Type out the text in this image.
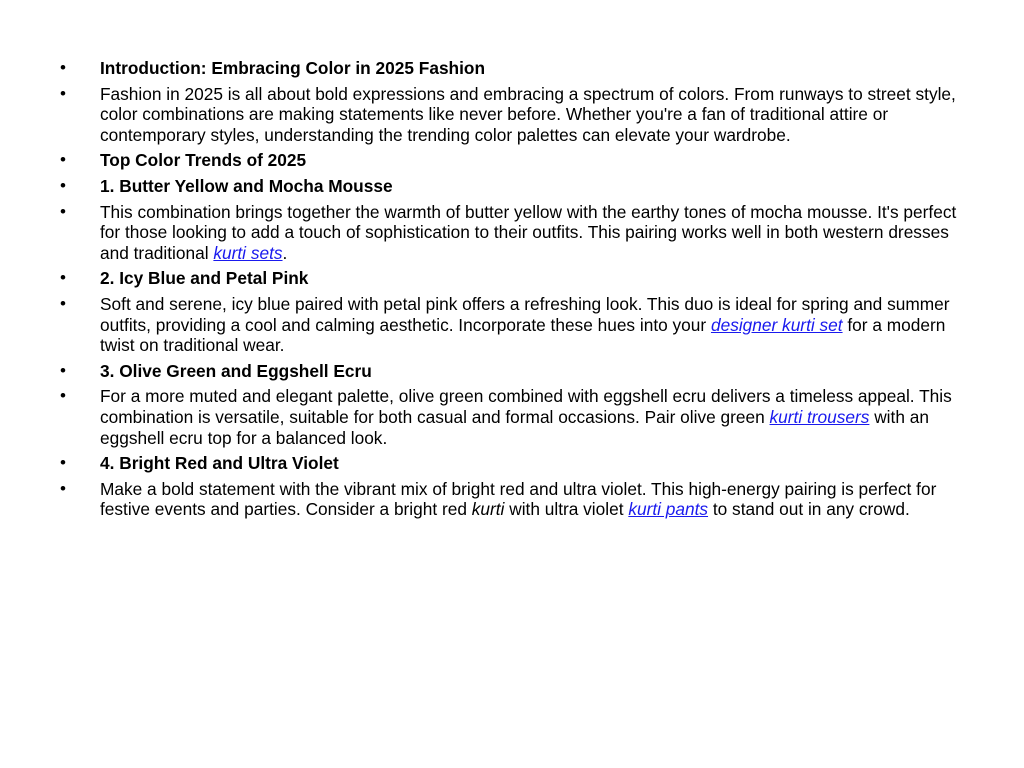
• Introduction: Embracing Color in 2025 Fashion
• Fashion in 2025 is all about bold expressions and embracing a spectrum of colors. From runways to street style, color combinations are making statements like never before. Whether you're a fan of traditional attire or contemporary styles, understanding the trending color palettes can elevate your wardrobe.
• Top Color Trends of 2025
• 1. Butter Yellow and Mocha Mousse
• This combination brings together the warmth of butter yellow with the earthy tones of mocha mousse. It's perfect for those looking to add a touch of sophistication to their outfits. This pairing works well in both western dresses and traditional kurti sets.
• 2. Icy Blue and Petal Pink
• Soft and serene, icy blue paired with petal pink offers a refreshing look. This duo is ideal for spring and summer outfits, providing a cool and calming aesthetic. Incorporate these hues into your designer kurti set for a modern twist on traditional wear.
• 3. Olive Green and Eggshell Ecru
• For a more muted and elegant palette, olive green combined with eggshell ecru delivers a timeless appeal. This combination is versatile, suitable for both casual and formal occasions. Pair olive green kurti trousers with an eggshell ecru top for a balanced look.
• 4. Bright Red and Ultra Violet
• Make a bold statement with the vibrant mix of bright red and ultra violet. This high-energy pairing is perfect for festive events and parties. Consider a bright red kurti with ultra violet kurti pants to stand out in any crowd.
